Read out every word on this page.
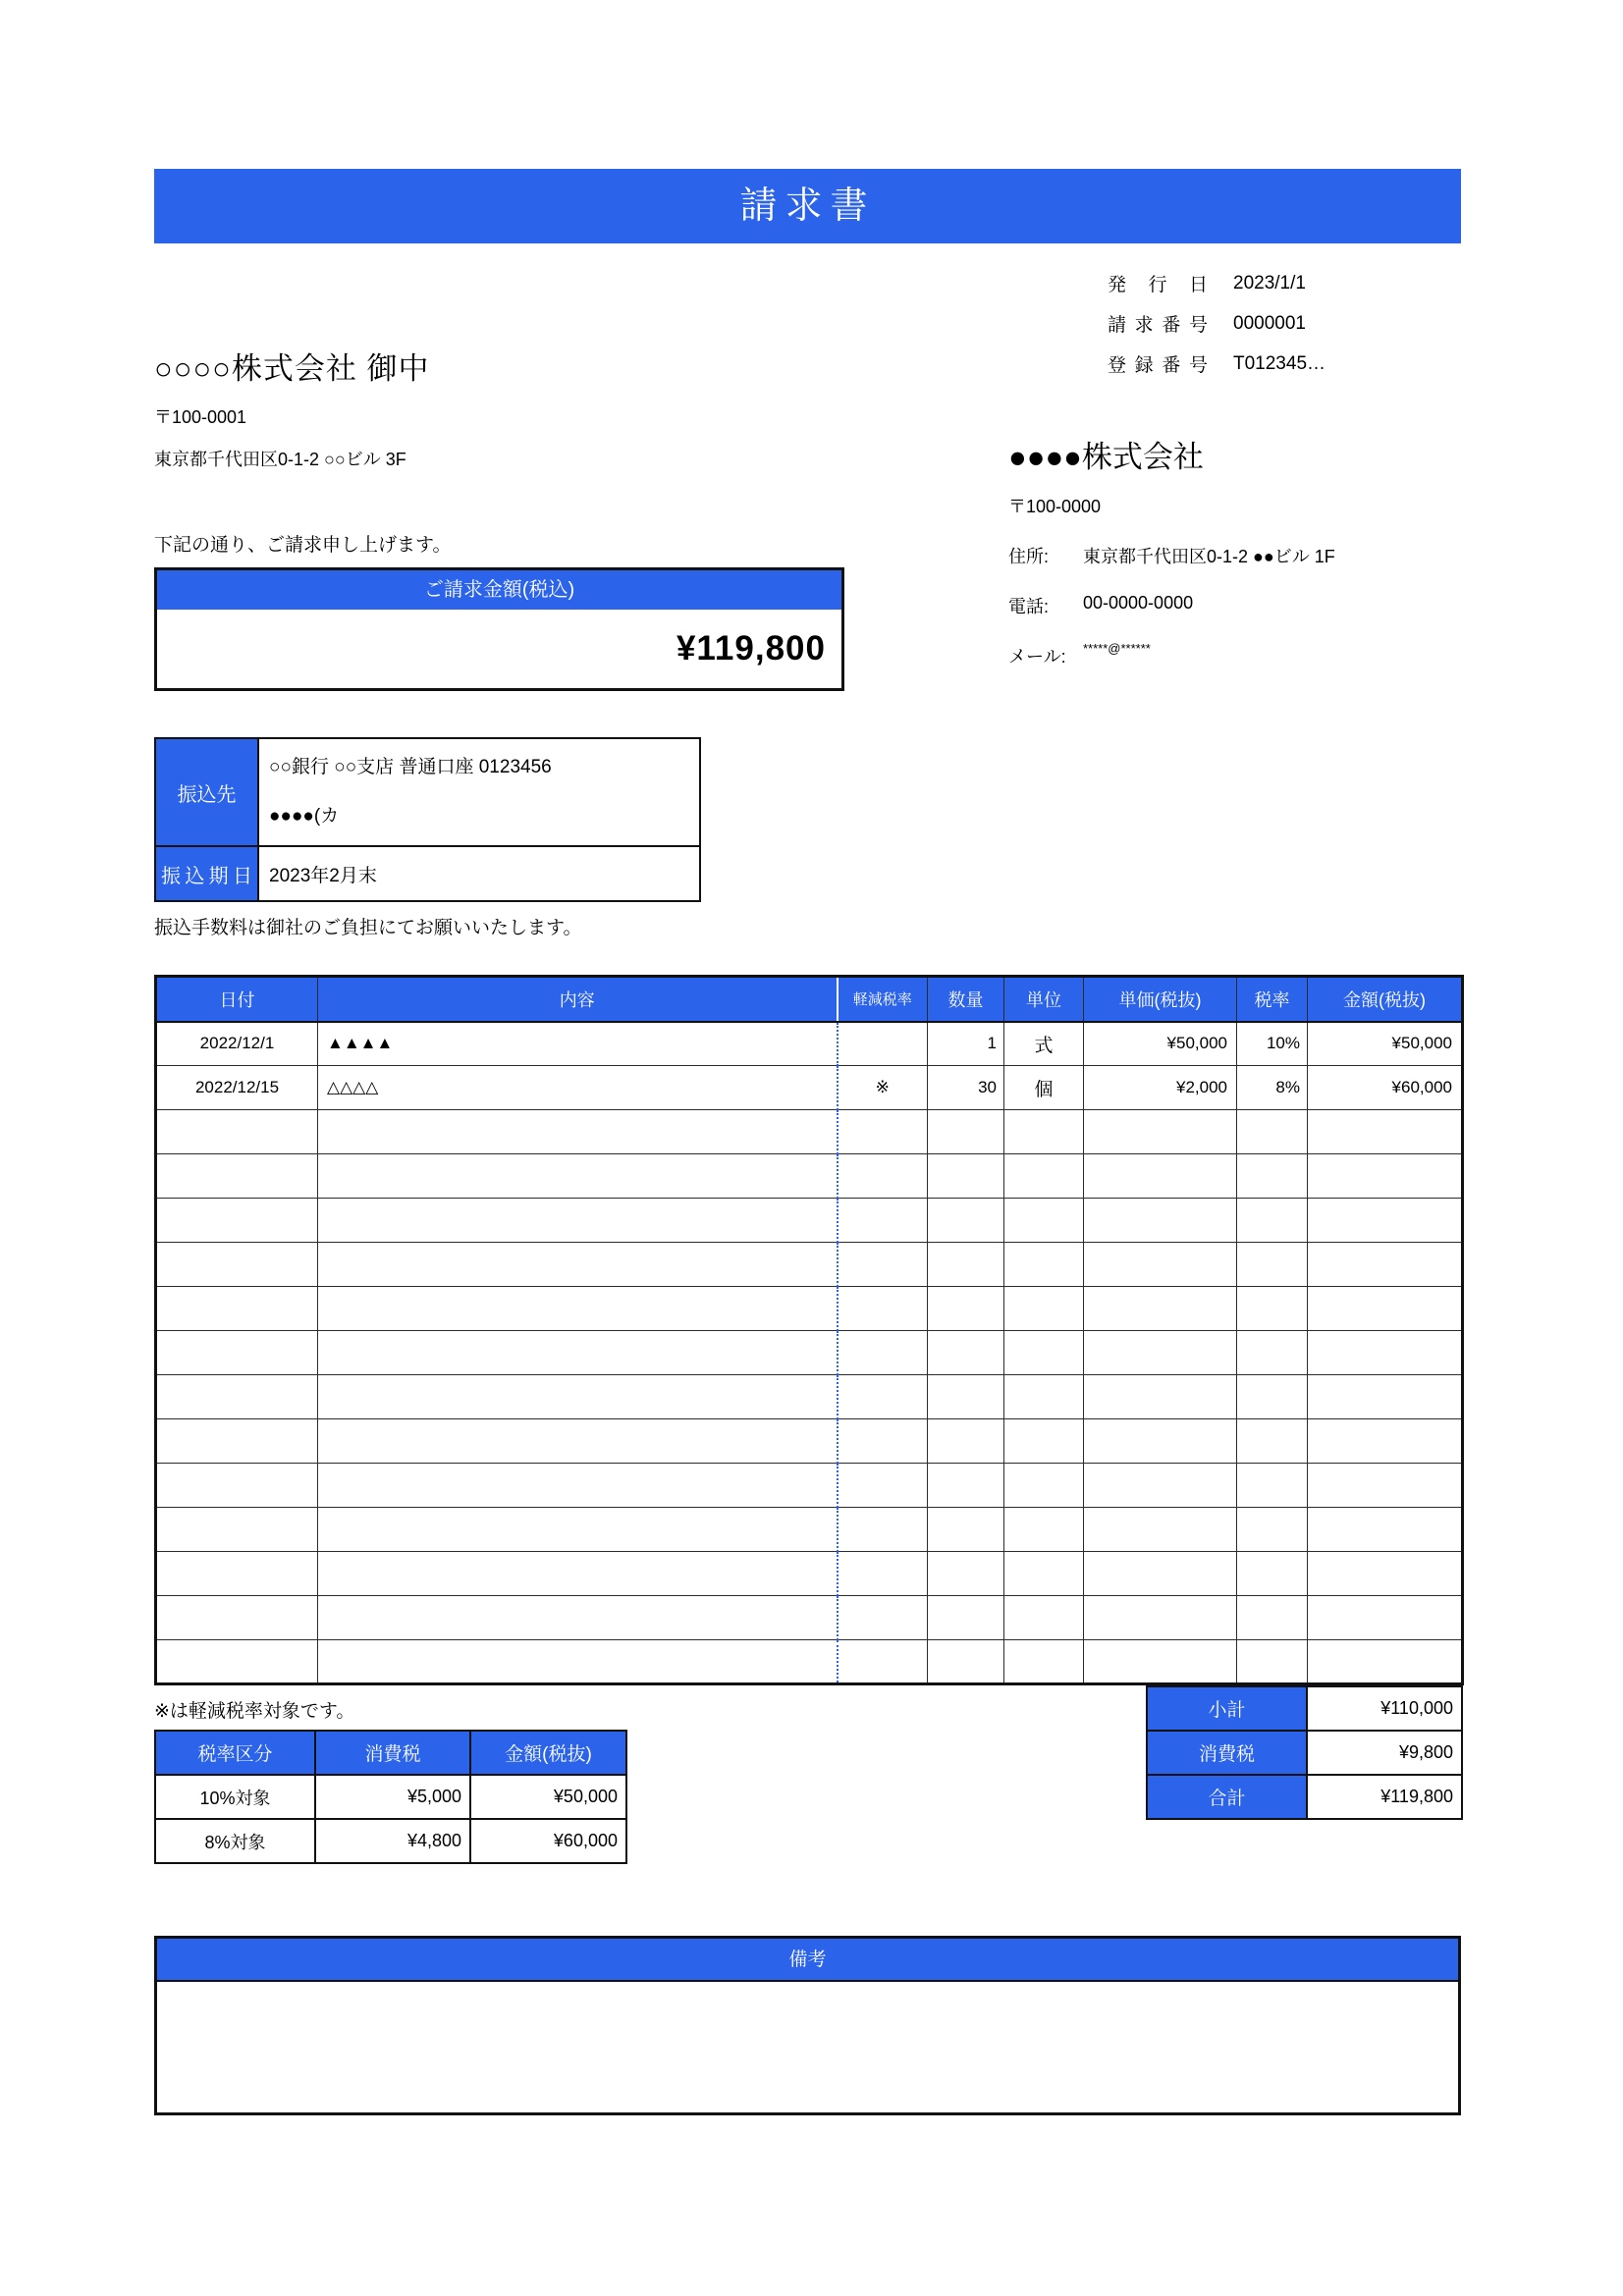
請求書
発行日 2023/1/1
請求番号 0000001
登録番号 T012345…
○○○○株式会社 御中
〒100-0001
東京都千代田区0-1-2 ○○ビル 3F	●●●●株式会社
〒100-0000
住所:	東京都千代田区0-1-2 ●●ビル 1F
電話:	00-0000-0000
メール:	*****@******
下記の通り、ご請求申し上げます。
ご請求金額(税込)
¥119,800
振込先	○○銀行 ○○支店 普通口座 0123456
●●●●(カ

振込期日	2023年2月末
振込手数料は御社のご負担にてお願いいたします。
日付	内容	軽減税率	数量	単位	単価(税抜)	税率	金額(税抜)
2022/12/1	▲▲▲▲		1	式	¥50,000	10%	¥50,000
2022/12/15	△△△△	※	30	個	¥2,000	8%	¥60,000

※は軽減税率対象です。
税率区分	消費税	金額(税抜)
10%対象	¥5,000	¥50,000
8%対象	¥4,800	¥60,000
小計	¥110,000
消費税	¥9,800
合計	¥119,800
備考
